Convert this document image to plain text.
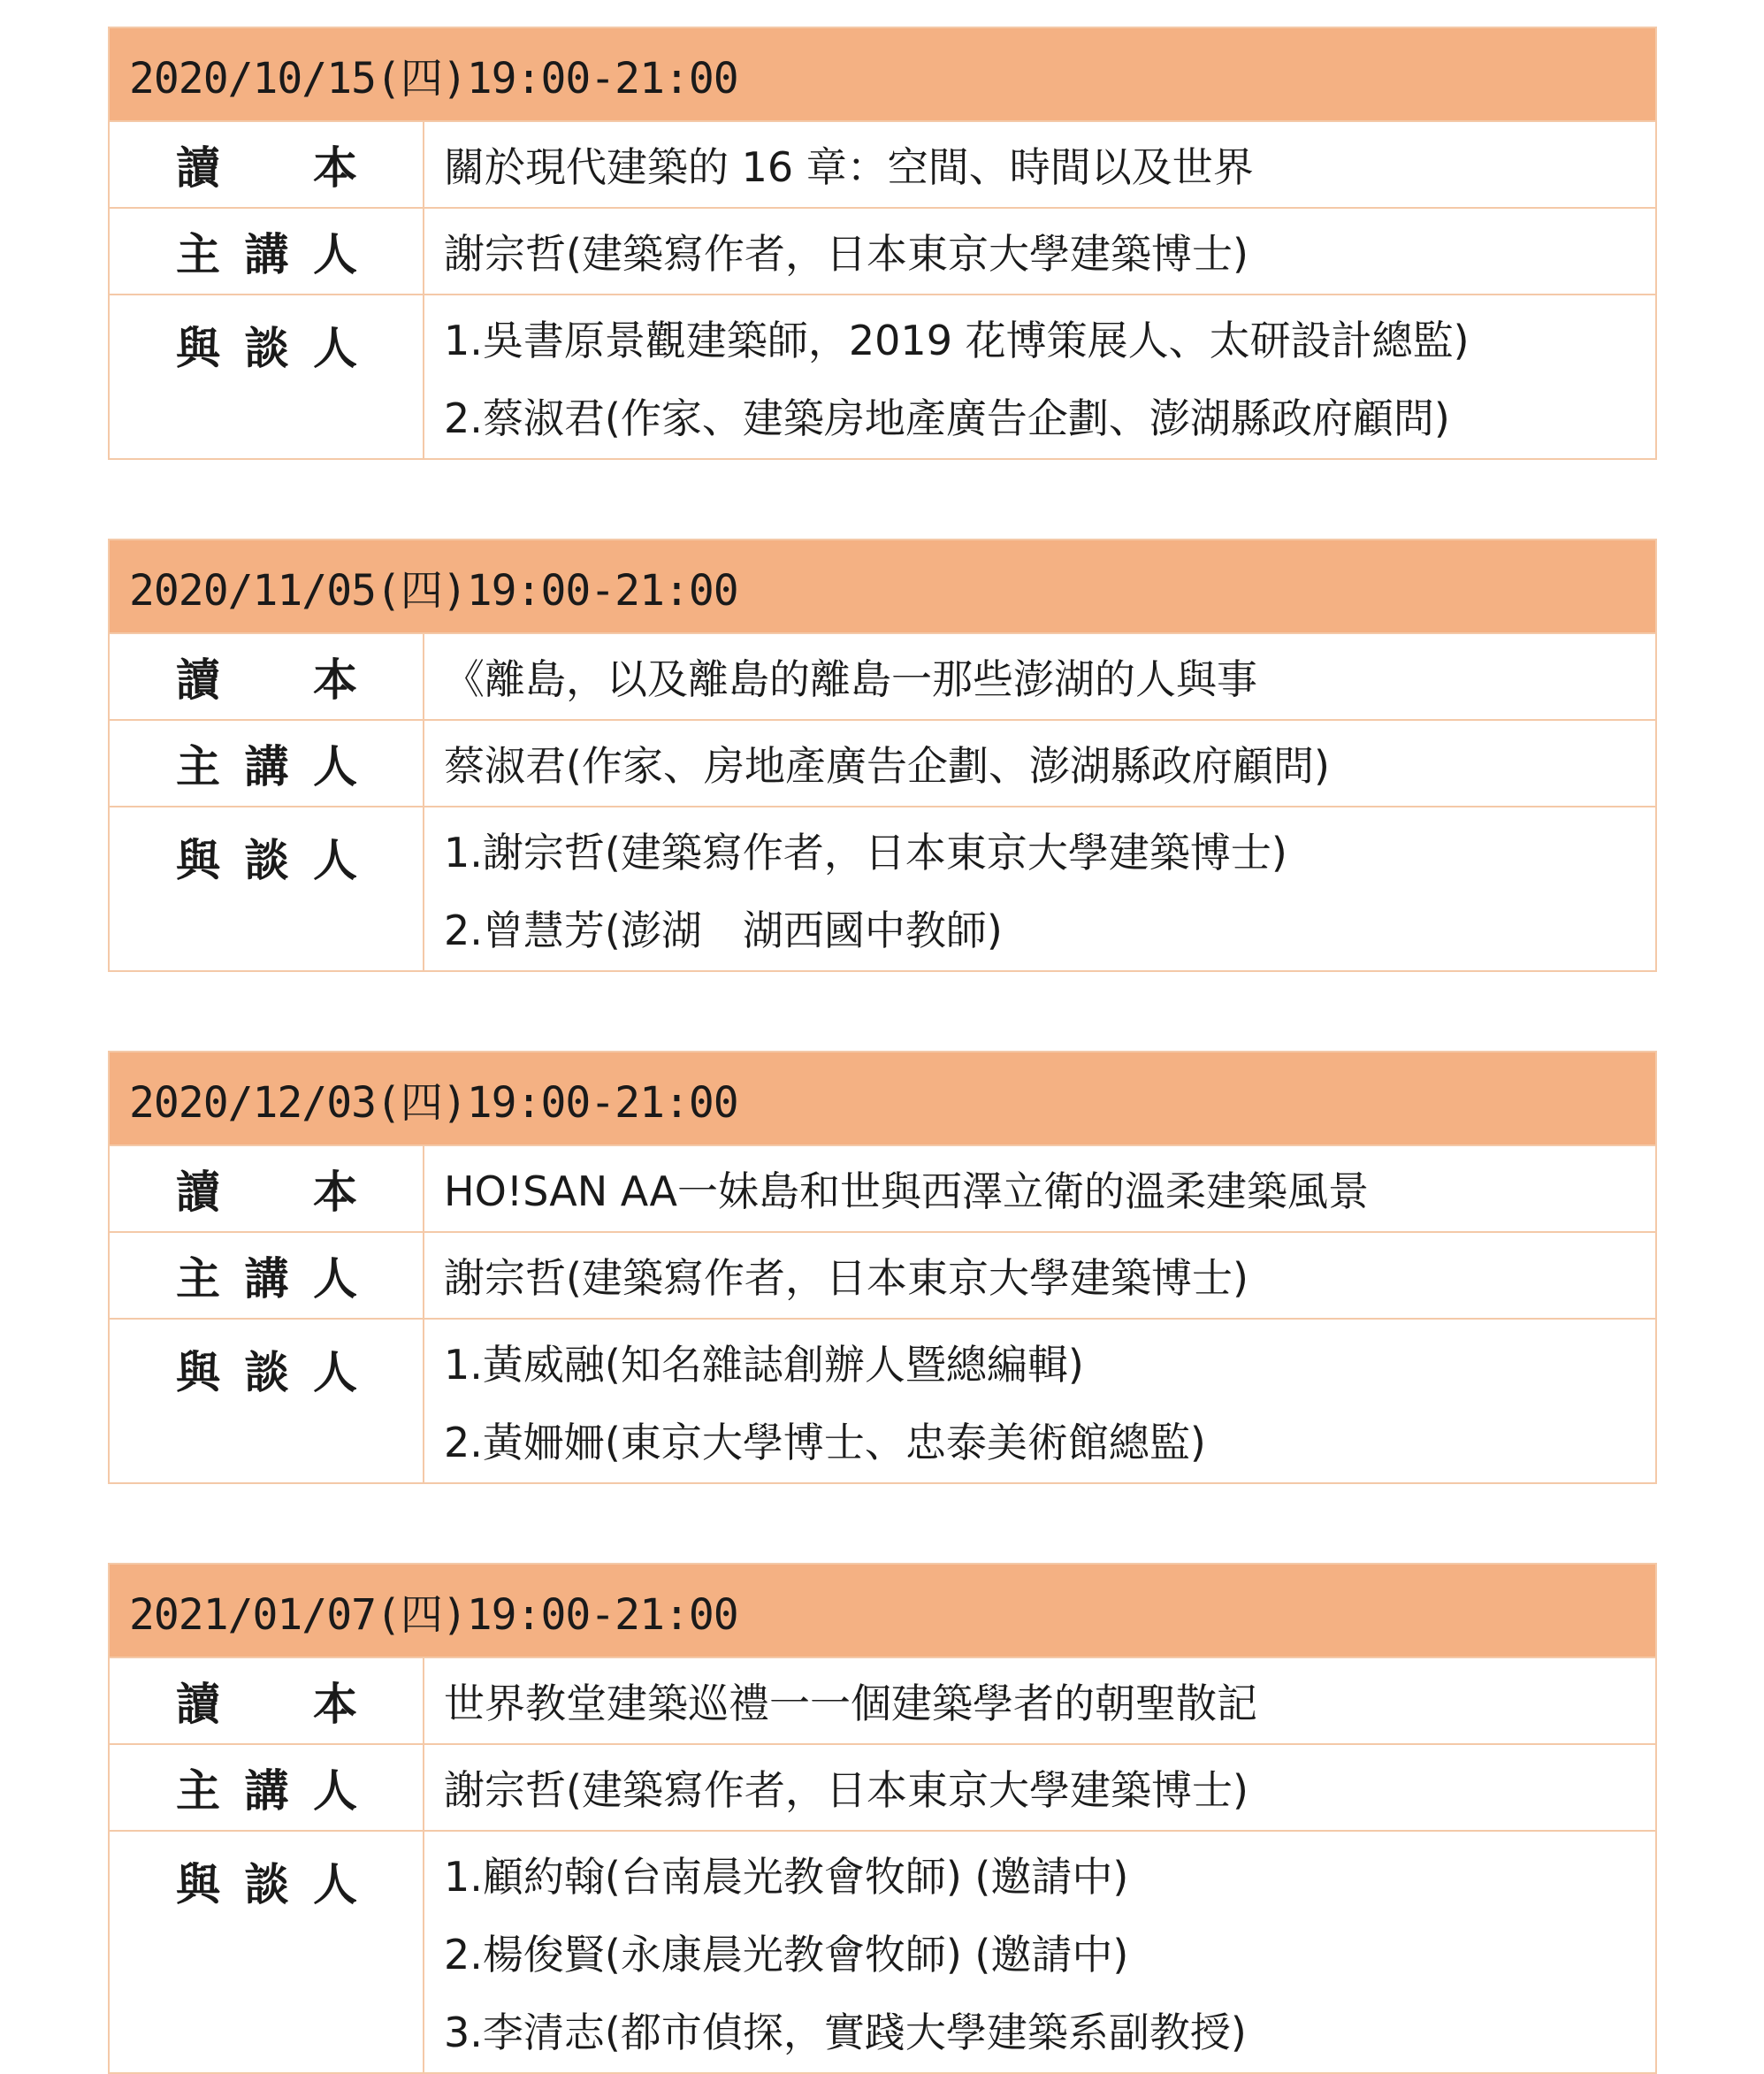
2020/10/15(四)19:00-21:00
讀　本	關於現代建築的 16 章：空間、時間以及世界
主講人	謝宗哲(建築寫作者，日本東京大學建築博士)
與談人 1.吳書原景觀建築師，2019 花博策展人、太研設計總監)
2.蔡淑君(作家、建築房地產廣告企劃、澎湖縣政府顧問)
2020/11/05(四)19:00-21:00
讀　本	《離島，以及離島的離島一那些澎湖的人與事
主講人	蔡淑君(作家、房地產廣告企劃、澎湖縣政府顧問)
與談人 1.謝宗哲(建築寫作者，日本東京大學建築博士)
2.曾慧芳(澎湖　湖西國中教師)
2020/12/03(四)19:00-21:00
讀　本	HO!SAN AA一妹島和世與西澤立衛的溫柔建築風景
主講人	謝宗哲(建築寫作者，日本東京大學建築博士)
與談人 1.黃威融(知名雜誌創辦人暨總編輯)
2.黃姍姍(東京大學博士、忠泰美術館總監)
2021/01/07(四)19:00-21:00
讀　本	世界教堂建築巡禮一一個建築學者的朝聖散記
主講人	謝宗哲(建築寫作者，日本東京大學建築博士)
與談人 1.顧約翰(台南晨光教會牧師) (邀請中)
2.楊俊賢(永康晨光教會牧師) (邀請中)
3.李清志(都市偵探，實踐大學建築系副教授)
